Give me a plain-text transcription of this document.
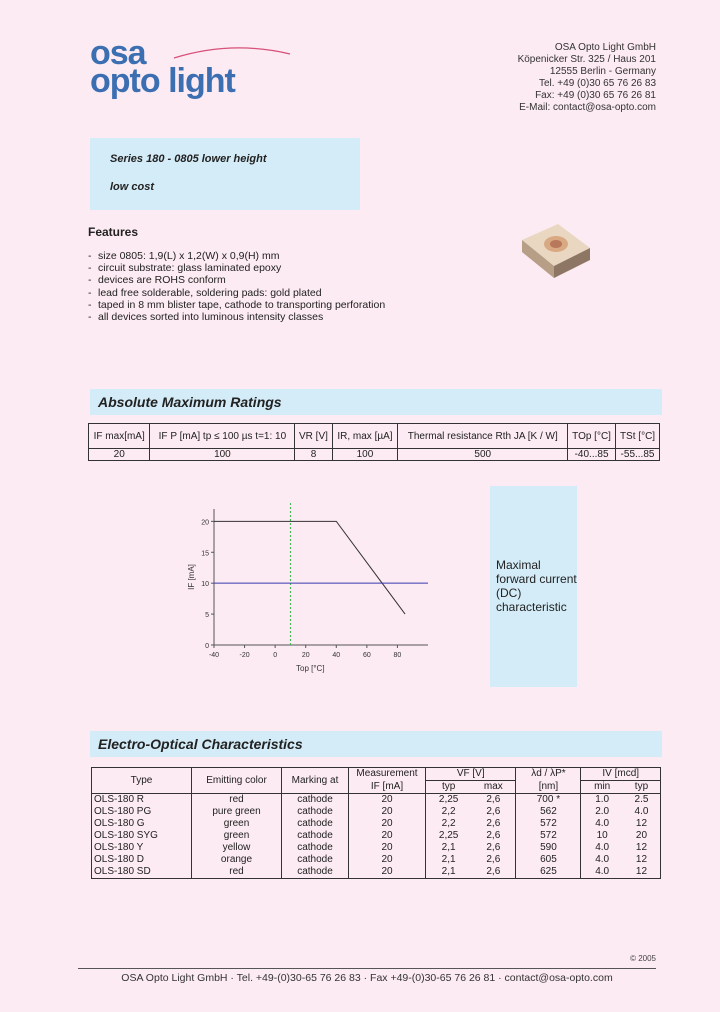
osa
opto light
OSA Opto Light GmbH
Köpenicker Str. 325 / Haus 201
12555 Berlin - Germany
Tel. +49 (0)30 65 76 26 83
Fax: +49 (0)30 65 76 26 81
E-Mail: contact@osa-opto.com
Series 180 - 0805 lower height
low cost
Features
- size 0805: 1,9(L) x 1,2(W) x 0,9(H) mm
- circuit substrate: glass laminated epoxy
- devices are ROHS conform
- lead free solderable, soldering pads: gold plated
- taped in 8 mm blister tape, cathode to transporting perforation
- all devices sorted into luminous intensity classes
Absolute Maximum Ratings
IF max[mA]	IF P [mA] tp ≤ 100 µs t=1: 10	VR [V]	IR, max [µA]	Thermal resistance Rth JA [K / W]	TOp [°C]	TSt [°C]
20	100	8	100	500	-40...85	-55...85
-40	-20	0	20	40	60	80
0
5
10
15
20
Top [°C]
IF [mA]	Maximal forward current (DC) characteristic
Electro-Optical Characteristics
Type	Emitting color	Marking at	Measurement	VF [V]		λd / λP*	IV [mcd]	
			IF [mA]	typ	max	[nm]	min	typ
OLS-180 R	red	cathode	20	2,25	2,6	700 *	1.0	2.5
OLS-180 PG	pure green	cathode	20	2,2	2,6	562	2.0	4.0
OLS-180 G	green	cathode	20	2,2	2,6	572	4.0	12
OLS-180 SYG	green	cathode	20	2,25	2,6	572	10	20
OLS-180 Y	yellow	cathode	20	2,1	2,6	590	4.0	12
OLS-180 D	orange	cathode	20	2,1	2,6	605	4.0	12
OLS-180 SD	red	cathode	20	2,1	2,6	625	4.0	12
© 2005
OSA Opto Light GmbH · Tel. +49-(0)30-65 76 26 83 · Fax +49-(0)30-65 76 26 81 · contact@osa-opto.com
